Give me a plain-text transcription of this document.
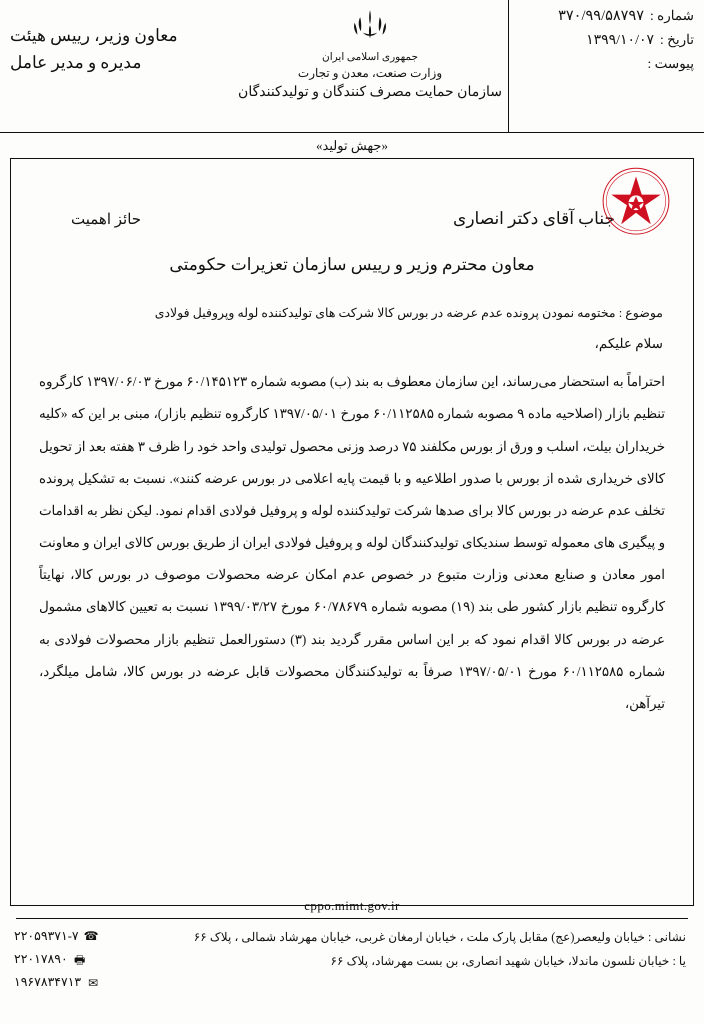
شماره :
۳۷۰/۹۹/۵۸۷۹۷
تاریخ :
۱۳۹۹/۱۰/۰۷
پیوست :
جمهوری اسلامی ایران
وزارت صنعت، معدن و تجارت
سازمان حمایت مصرف کنندگان و تولیدکنندگان
معاون وزیر، رییس هیئت مدیره و مدیر عامل
«جهش تولید»
جناب آقای دکتر انصاری
حائز اهمیت
معاون محترم وزیر و رییس سازمان تعزیرات حکومتی
موضوع : مختومه نمودن پرونده عدم عرضه در بورس کالا شرکت های تولیدکننده لوله وپروفیل فولادی
سلام علیکم،

احتراماً به استحضار می‌رساند، این سازمان معطوف به بند (ب) مصوبه شماره ۶۰/۱۴۵۱۲۳ مورخ ۱۳۹۷/۰۶/۰۳ کارگروه تنظیم بازار (اصلاحیه ماده ۹ مصوبه شماره ۶۰/۱۱۲۵۸۵ مورخ ۱۳۹۷/۰۵/۰۱ کارگروه تنظیم بازار)، مبنی بر این که «کلیه خریداران بیلت، اسلب و ورق از بورس مکلفند ۷۵ درصد وزنی محصول تولیدی واحد خود را ظرف ۳ هفته بعد از تحویل کالای خریداری شده از بورس با صدور اطلاعیه و با قیمت پایه اعلامی در بورس عرضه کنند». نسبت به تشکیل پرونده تخلف عدم عرضه در بورس کالا برای صدها شرکت تولیدکننده لوله و پروفیل فولادی اقدام نمود. لیکن نظر به اقدامات و پیگیری های معموله توسط سندیکای تولیدکنندگان لوله و پروفیل فولادی ایران از طریق بورس کالای ایران و معاونت امور معادن و صنایع معدنی وزارت متبوع در خصوص عدم امکان عرضه محصولات موصوف در بورس کالا، نهایتاً کارگروه تنظیم بازار کشور طی بند (۱۹) مصوبه شماره ۶۰/۷۸۶۷۹ مورخ ۱۳۹۹/۰۳/۲۷ نسبت به تعیین کالاهای مشمول عرضه در بورس کالا اقدام نمود که بر این اساس مقرر گردید بند (۳) دستورالعمل تنظیم بازار محصولات فولادی به شماره ۶۰/۱۱۲۵۸۵ مورخ ۱۳۹۷/۰۵/۰۱ صرفاً به تولیدکنندگان محصولات قابل عرضه در بورس کالا، شامل میلگرد، تیرآهن،

cppo.mimt.gov.ir
نشانی : خیابان ولیعصر(عج) مقابل پارک ملت ، خیابان ارمغان غربی، خیابان مهرشاد شمالی ، پلاک ۶۶
یا : خیابان نلسون ماندلا، خیابان شهید انصاری، بن بست مهرشاد، پلاک ۶۶
۲۲۰۵۹۳۷۱-۷ ☎
۲۲۰۱۷۸۹۰ 🖶
۱۹۶۷۸۳۴۷۱۳ ✉
